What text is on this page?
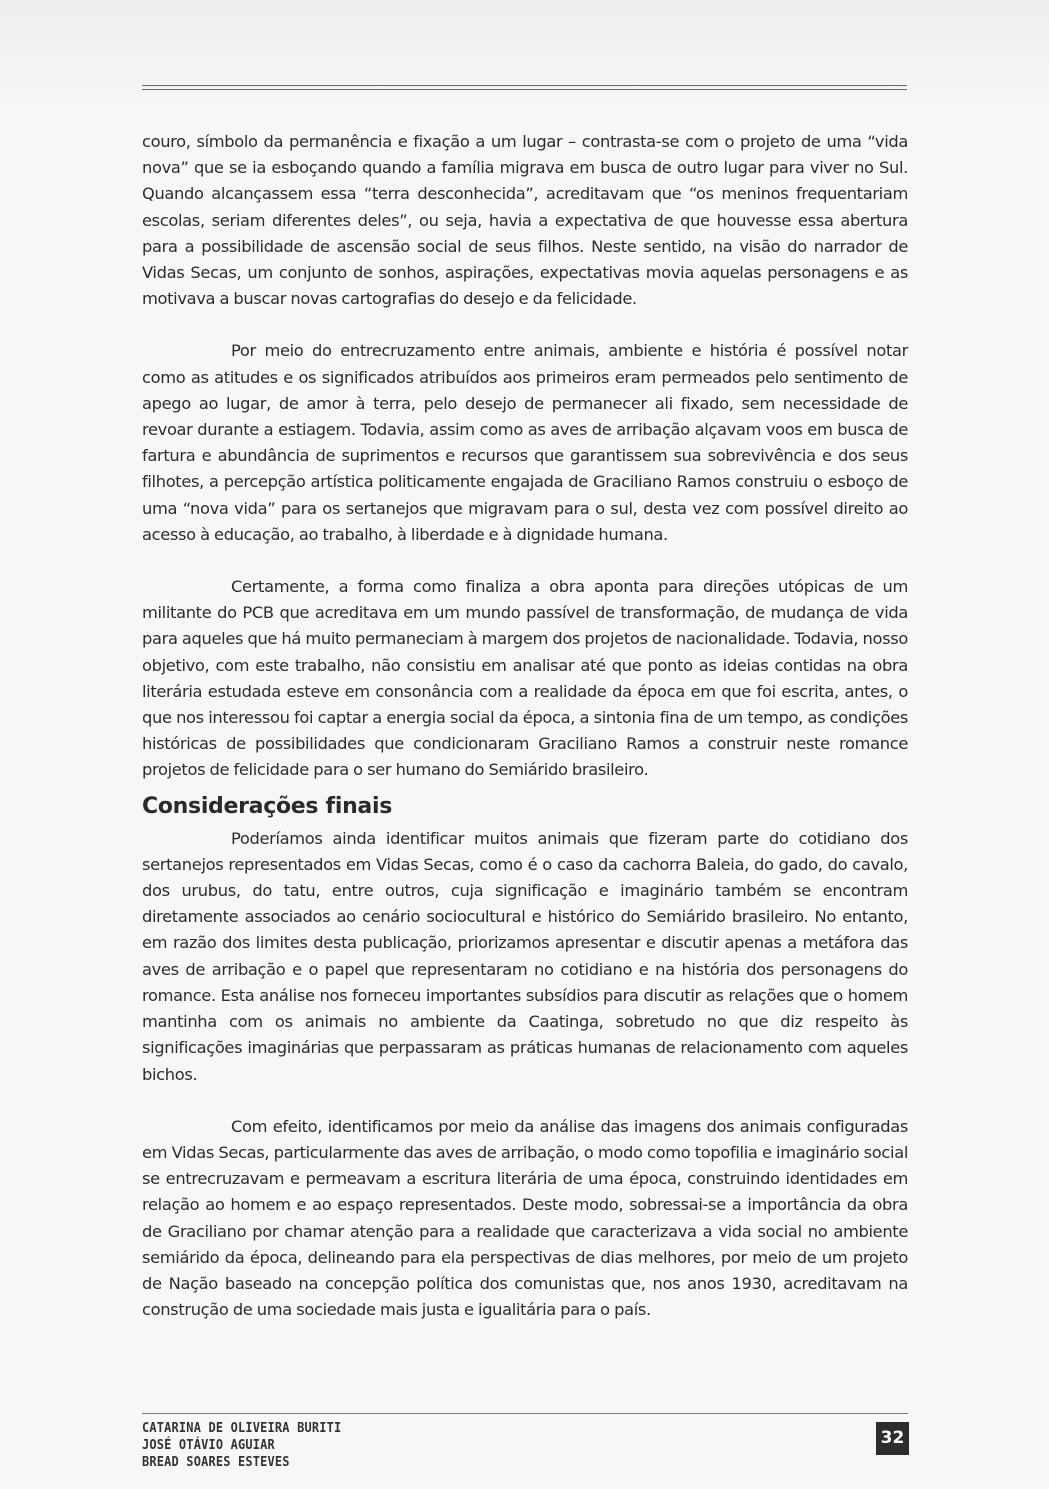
couro, símbolo da permanência e fixação a um lugar – contrasta-se com o projeto de uma “vida nova” que se ia esboçando quando a família migrava em busca de outro lugar para viver no Sul. Quando alcançassem essa “terra desconhecida”, acreditavam que “os meninos frequentariam escolas, seriam diferentes deles”, ou seja, havia a expectativa de que houvesse essa abertura para a possibilidade de ascensão social de seus filhos. Neste sentido, na visão do narrador de Vidas Secas, um conjunto de sonhos, aspirações, expectativas movia aquelas personagens e as motivava a buscar novas cartografias do desejo e da felicidade.

Por meio do entrecruzamento entre animais, ambiente e história é possível notar como as atitudes e os significados atribuídos aos primeiros eram permeados pelo sentimento de apego ao lugar, de amor à terra, pelo desejo de permanecer ali fixado, sem necessidade de revoar durante a estiagem. Todavia, assim como as aves de arribação alçavam voos em busca de fartura e abundância de suprimentos e recursos que garantissem sua sobrevivência e dos seus filhotes, a percepção artística politicamente engajada de Graciliano Ramos construiu o esboço de uma “nova vida” para os sertanejos que migravam para o sul, desta vez com possível direito ao acesso à educação, ao trabalho, à liberdade e à dignidade humana.

Certamente, a forma como finaliza a obra aponta para direções utópicas de um militante do PCB que acreditava em um mundo passível de transformação, de mudança de vida para aqueles que há muito permaneciam à margem dos projetos de nacionalidade. Todavia, nosso objetivo, com este trabalho, não consistiu em analisar até que ponto as ideias contidas na obra literária estudada esteve em consonância com a realidade da época em que foi escrita, antes, o que nos interessou foi captar a energia social da época, a sintonia fina de um tempo, as condições históricas de possibilidades que condicionaram Graciliano Ramos a construir neste romance projetos de felicidade para o ser humano do Semiárido brasileiro.

Considerações finais

Poderíamos ainda identificar muitos animais que fizeram parte do cotidiano dos sertanejos representados em Vidas Secas, como é o caso da cachorra Baleia, do gado, do cavalo, dos urubus, do tatu, entre outros, cuja significação e imaginário também se encontram diretamente associados ao cenário sociocultural e histórico do Semiárido brasileiro. No entanto, em razão dos limites desta publicação, priorizamos apresentar e discutir apenas a metáfora das aves de arribação e o papel que representaram no cotidiano e na história dos personagens do romance. Esta análise nos forneceu importantes subsídios para discutir as relações que o homem mantinha com os animais no ambiente da Caatinga, sobretudo no que diz respeito às significações imaginárias que perpassaram as práticas humanas de relacionamento com aqueles bichos.

Com efeito, identificamos por meio da análise das imagens dos animais configuradas em Vidas Secas, particularmente das aves de arribação, o modo como topofilia e imaginário social se entrecruzavam e permeavam a escritura literária de uma época, construindo identidades em relação ao homem e ao espaço representados. Deste modo, sobressai-se a importância da obra de Graciliano por chamar atenção para a realidade que caracterizava a vida social no ambiente semiárido da época, delineando para ela perspectivas de dias melhores, por meio de um projeto de Nação baseado na concepção política dos comunistas que, nos anos 1930, acreditavam na construção de uma sociedade mais justa e igualitária para o país.

CATARINA DE OLIVEIRA BURITI
JOSÉ OTÁVIO AGUIAR
BREAD SOARES ESTEVES
32
